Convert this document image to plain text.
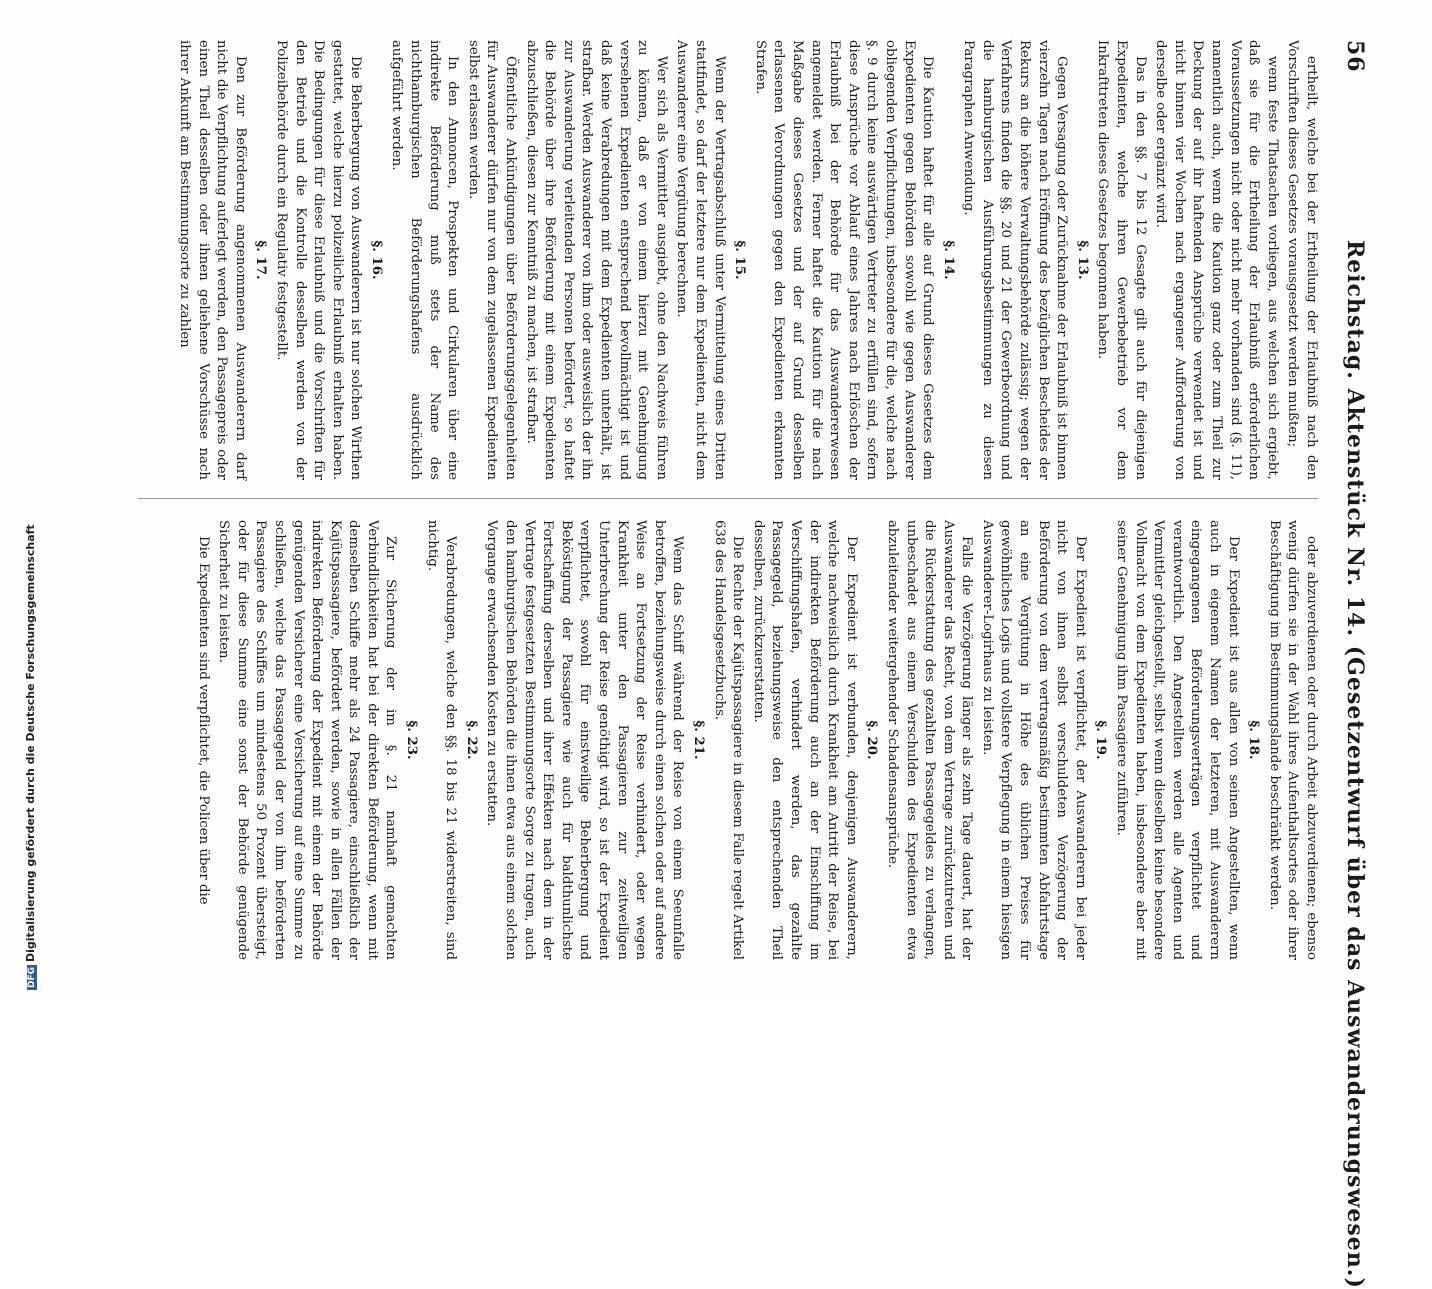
56
Reichstag. Aktenstück Nr. 14. (Gesetzentwurf über das Auswanderungswesen.)

ertheilt, welche bei der Ertheilung der Erlaubniß nach den Vorschriften dieses Gesetzes vorausgesetzt werden mußten;

wenn feste Thatsachen vorliegen, aus welchen sich ergiebt, daß sie für die Ertheilung der Erlaubniß erforderlichen Voraussetzungen nicht oder nicht mehr vorhanden sind (§. 11), namentlich auch, wenn die Kaution ganz oder zum Theil zur Deckung der auf ihr haftenden Ansprüche verwendet ist und nicht binnen vier Wochen nach ergangener Aufforderung von derselbe oder ergänzt wird.

Das in den §§. 7 bis 12 Gesagte gilt auch für diejenigen Expedienten, welche ihren Gewerbebetrieb vor dem Inkrafttreten dieses Gesetzes begonnen haben.

§. 13.

Gegen Versagung oder Zurücknahme der Erlaubniß ist binnen vierzehn Tagen nach Eröffnung des bezüglichen Bescheides der Rekurs an die höhere Verwaltungsbehörde zulässig; wegen der Verfahrens finden die §§. 20 und 21 der Gewerbeordnung und die hamburgischen Ausführungsbestimmungen zu diesen Paragraphen Anwendung.

§. 14.

Die Kaution haftet für alle auf Grund dieses Gesetzes dem Expedienten gegen Behörden sowohl wie gegen Auswanderer obliegenden Verpflichtungen, insbesondere für die, welche nach §. 9 durch keine auswärtigen Vertreter zu erfüllen sind, sofern diese Ansprüche vor Ablauf eines Jahres nach Erlöschen der Erlaubniß bei der Behörde für das Auswandererwesen angemeldet werden. Ferner haftet die Kaution für die nach Maßgabe dieses Gesetzes und der auf Grund desselben erlassenen Verordnungen gegen den Expedienten erkannten Strafen.

§. 15.

Wenn der Vertragsabschluß unter Vermittelung eines Dritten stattfindet, so darf der letztere nur dem Expedienten, nicht dem Auswanderer eine Vergütung berechnen.

Wer sich als Vermittler ausgiebt, ohne den Nachweis führen zu können, daß er von einem hierzu mit Genehmigung versehenen Expedienten entsprechend bevollmächtigt ist und daß keine Verabredungen mit dem Expedienten unterhält, ist strafbar. Werden Auswanderer von ihm oder ausweislich der ihn zur Auswanderung verleitenden Personen befördert, so haftet die Behörde über ihre Beförderung mit einem Expedienten abzuschließen, diesen zur Kenntniß zu machen, ist strafbar.

Öffentliche Ankündigungen über Beförderungsgelegenheiten für Auswanderer dürfen nur von dem zugelassenen Expedienten selbst erlassen werden.

In den Annoncen, Prospekten und Cirkularen über eine indirekte Beförderung muß stets der Name des nichthamburgischen Beförderungshafens ausdrücklich aufgeführt werden.

§. 16.

Die Beherbergung von Auswanderern ist nur solchen Wirthen gestattet, welche hierzu polizeiliche Erlaubniß erhalten haben. Die Bedingungen für diese Erlaubniß und die Vorschriften für den Betrieb und die Kontrolle desselben werden von der Polizeibehörde durch ein Regulativ festgestellt.

§. 17.

Den zur Beförderung angenommenen Auswanderern darf nicht die Verpflichtung auferlegt werden, den Passagepreis oder einen Theil desselben oder ihnen geliehene Vorschüsse nach ihrer Ankunft am Bestimmungsorte zu zahlen

oder abzuverdienen oder durch Arbeit abzuverdienen; ebenso wenig dürfen sie in der Wahl ihres Aufenthaltsortes oder ihrer Beschäftigung im Bestimmungslande beschränkt werden.

§. 18.

Der Expedient ist aus allen von seinen Angestellten, wenn auch in eigenem Namen der letzteren, mit Auswanderern eingegangenen Beförderungsverträgen verpflichtet und verantwortlich. Den Angestellten werden alle Agenten und Vermittler gleichgestellt, selbst wenn dieselben keine besondere Vollmacht von dem Expedienten haben, insbesondere aber mit seiner Genehmigung ihm Passagiere zuführen.

§. 19.

Der Expedient ist verpflichtet, der Auswanderern bei jeder nicht von ihnen selbst verschuldeten Verzögerung der Beförderung von dem vertragsmäßig bestimmten Abfahrtstage an eine Vergütung in Höhe des üblichen Preises für gewöhnliches Logis und vollstere Verpflegung in einem hiesigen Auswanderer-Logirhaus zu leisten.

Falls die Verzögerung länger als zehn Tage dauert, hat der Auswanderer das Recht, von dem Vertrage zurückzutreten und die Rückerstattung des gezahlten Passagegeldes zu verlangen, unbeschadet aus einem Verschulden des Expedienten etwa abzuleitender weitergehender Schadensansprüche.

§. 20.

Der Expedient ist verbunden, denjenigen Auswanderern, welche nachweislich durch Krankheit am Antritt der Reise, bei der indirekten Beförderung auch an der Einschiffung im Verschiffungshafen, verhindert werden, das gezahlte Passagegeld, beziehungsweise den entsprechenden Theil desselben, zurückzuerstatten.

Die Rechte der Kajütspassagiere in diesem Falle regelt Artikel 638 des Handelsgesetzbuchs.

§. 21.

Wenn das Schiff während der Reise von einem Seeunfalle betroffen, beziehungsweise durch einen solchen oder auf andere Weise an Fortsetzung der Reise verhindert, oder wegen Krankheit unter den Passagieren zur zeitweiligen Unterbrechung der Reise genöthigt wird, so ist der Expedient verpflichtet, sowohl für einstweilige Beherbergung und Beköstigung der Passagiere wie auch für baldthunlichste Fortschaffung derselben und ihrer Effekten nach dem in der Vertrage festgesetzten Bestimmungsorte Sorge zu tragen, auch den hamburgischen Behörden die ihnen etwa aus einem solchen Vorgange erwachsenden Kosten zu erstatten.

§. 22.

Verabredungen, welche den §§. 18 bis 21 widerstreiten, sind nichtig.

§. 23.

Zur Sicherung der im §. 21 namhaft gemachten Verbindlichkeiten hat bei der direkten Beförderung, wenn mit demselben Schiffe mehr als 24 Passagiere, einschließlich der Kajütspassagiere, befördert werden, sowie in allen Fällen der indirekten Beförderung der Expedient mit einem der Behörde genügenden Versicherer eine Versicherung auf eine Summe zu schließen, welche das Passagegeld der von ihm beförderten Passagiere des Schiffes um mindestens 50 Prozent übersteigt, oder für diese Summe eine sonst der Behörde genügende Sicherheit zu leisten.

Die Expedienten sind verpflichtet, die Policen über die

DFGDigitalisierung gefördert durch die Deutsche Forschungsgemeinschaft
